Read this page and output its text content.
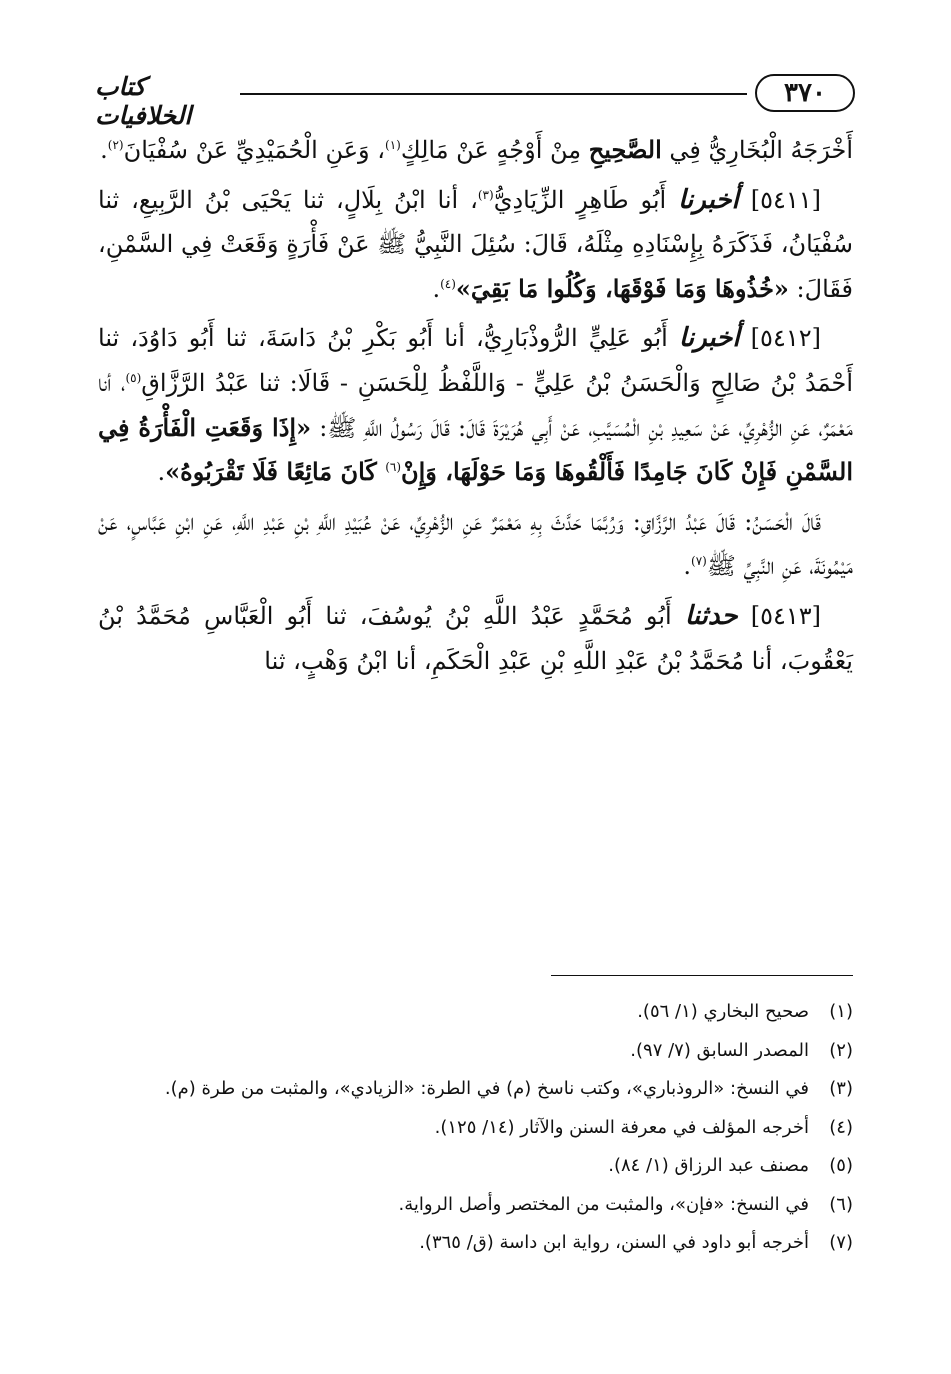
٣٧٠
كتاب الخلافيات

أَخْرَجَهُ الْبُخَارِيُّ فِي الصَّحِيحِ مِنْ أَوْجُهٍ عَنْ مَالِكٍ$^{(١)}$، وَعَنِ الْحُمَيْدِيِّ عَنْ سُفْيَانَ$^{(٢)}$.

[٥٤١١] أخبرنا أَبُو طَاهِرٍ الزِّيَادِيُّ$^{(٣)}$، أنا ابْنُ بِلَالٍ، ثنا يَحْيَى بْنُ الرَّبِيعِ، ثنا سُفْيَانُ، فَذَكَرَهُ بِإِسْنَادِهِ مِثْلَهُ، قَالَ: سُئِلَ النَّبِيُّ ﷺ عَنْ فَأْرَةٍ وَقَعَتْ فِي السَّمْنِ، فَقَالَ: «خُذُوهَا وَمَا فَوْقَهَا، وَكُلُوا مَا بَقِيَ»$^{(٤)}$.

[٥٤١٢] أخبرنا أَبُو عَلِيٍّ الرُّوذْبَارِيُّ، أنا أَبُو بَكْرِ بْنُ دَاسَةَ، ثنا أَبُو دَاوُدَ، ثنا أَحْمَدُ بْنُ صَالِحٍ وَالْحَسَنُ بْنُ عَلِيٍّ - وَاللَّفْظُ لِلْحَسَنِ - قَالَا: ثنا عَبْدُ الرَّزَّاقِ$^{(٥)}$، أنا مَعْمَرٌ، عَنِ الزُّهْرِيِّ، عَنْ سَعِيدِ بْنِ الْمُسَيَّبِ، عَنْ أَبِي هُرَيْرَةَ قَالَ: قَالَ رَسُولُ اللَّهِ ﷺ: «إِذَا وَقَعَتِ الْفَأْرَةُ فِي السَّمْنِ فَإِنْ كَانَ جَامِدًا فَأَلْقُوهَا وَمَا حَوْلَهَا، وَإِنْ$^{(٦)}$ كَانَ مَائِعًا فَلَا تَقْرَبُوهُ».

قَالَ الْحَسَنُ: قَالَ عَبْدُ الرَّزَّاقِ: وَرُبَّمَا حَدَّثَ بِهِ مَعْمَرٌ عَنِ الزُّهْرِيِّ، عَنْ عُبَيْدِ اللَّهِ بْنِ عَبْدِ اللَّهِ، عَنِ ابْنِ عَبَّاسٍ، عَنْ مَيْمُونَةَ، عَنِ النَّبِيِّ ﷺ$^{(٧)}$.

[٥٤١٣] حدثنا أَبُو مُحَمَّدٍ عَبْدُ اللَّهِ بْنُ يُوسُفَ، ثنا أَبُو الْعَبَّاسِ مُحَمَّدُ بْنُ يَعْقُوبَ، أنا مُحَمَّدُ بْنُ عَبْدِ اللَّهِ بْنِ عَبْدِ الْحَكَمِ، أنا ابْنُ وَهْبٍ، ثنا

(١)
صحيح البخاري (١/ ٥٦).
(٢)
المصدر السابق (٧/ ٩٧).
(٣)
في النسخ: «الروذباري»، وكتب ناسخ (م) في الطرة: «الزيادي»، والمثبت من طرة (م).
(٤)
أخرجه المؤلف في معرفة السنن والآثار (١٤/ ١٢٥).
(٥)
مصنف عبد الرزاق (١/ ٨٤).
(٦)
في النسخ: «فإن»، والمثبت من المختصر وأصل الرواية.
(٧)
أخرجه أبو داود في السنن، رواية ابن داسة (ق/ ٣٦٥).
